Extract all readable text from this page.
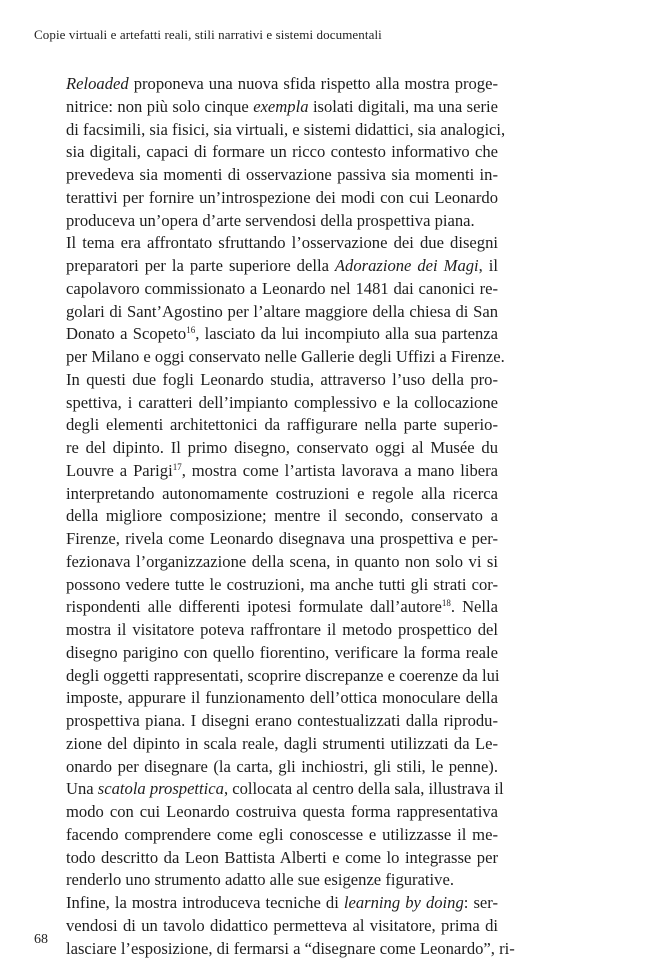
Copie virtuali e artefatti reali, stili narrativi e sistemi documentali
Reloaded proponeva una nuova sfida rispetto alla mostra proge-
nitrice: non più solo cinque exempla isolati digitali, ma una serie
di facsimili, sia fisici, sia virtuali, e sistemi didattici, sia analogici,
sia digitali, capaci di formare un ricco contesto informativo che
prevedeva sia momenti di osservazione passiva sia momenti in-
terattivi per fornire un’introspezione dei modi con cui Leonardo
produceva un’opera d’arte servendosi della prospettiva piana.
Il tema era affrontato sfruttando l’osservazione dei due disegni
preparatori per la parte superiore della Adorazione dei Magi, il
capolavoro commissionato a Leonardo nel 1481 dai canonici re-
golari di Sant’Agostino per l’altare maggiore della chiesa di San
Donato a Scopeto$^{16}$, lasciato da lui incompiuto alla sua partenza
per Milano e oggi conservato nelle Gallerie degli Uffizi a Firenze.
In questi due fogli Leonardo studia, attraverso l’uso della pro-
spettiva, i caratteri dell’impianto complessivo e la collocazione
degli elementi architettonici da raffigurare nella parte superio-
re del dipinto. Il primo disegno, conservato oggi al Musée du
Louvre a Parigi$^{17}$, mostra come l’artista lavorava a mano libera
interpretando autonomamente costruzioni e regole alla ricerca
della migliore composizione; mentre il secondo, conservato a
Firenze, rivela come Leonardo disegnava una prospettiva e per-
fezionava l’organizzazione della scena, in quanto non solo vi si
possono vedere tutte le costruzioni, ma anche tutti gli strati cor-
rispondenti alle differenti ipotesi formulate dall’autore$^{18}$. Nella
mostra il visitatore poteva raffrontare il metodo prospettico del
disegno parigino con quello fiorentino, verificare la forma reale
degli oggetti rappresentati, scoprire discrepanze e coerenze da lui
imposte, appurare il funzionamento dell’ottica monoculare della
prospettiva piana. I disegni erano contestualizzati dalla riprodu-
zione del dipinto in scala reale, dagli strumenti utilizzati da Le-
onardo per disegnare (la carta, gli inchiostri, gli stili, le penne).
Una scatola prospettica, collocata al centro della sala, illustrava il
modo con cui Leonardo costruiva questa forma rappresentativa
facendo comprendere come egli conoscesse e utilizzasse il me-
todo descritto da Leon Battista Alberti e come lo integrasse per
renderlo uno strumento adatto alle sue esigenze figurative.
Infine, la mostra introduceva tecniche di learning by doing: ser-
vendosi di un tavolo didattico permetteva al visitatore, prima di
lasciare l’esposizione, di fermarsi a “disegnare come Leonardo”, ri-
68
